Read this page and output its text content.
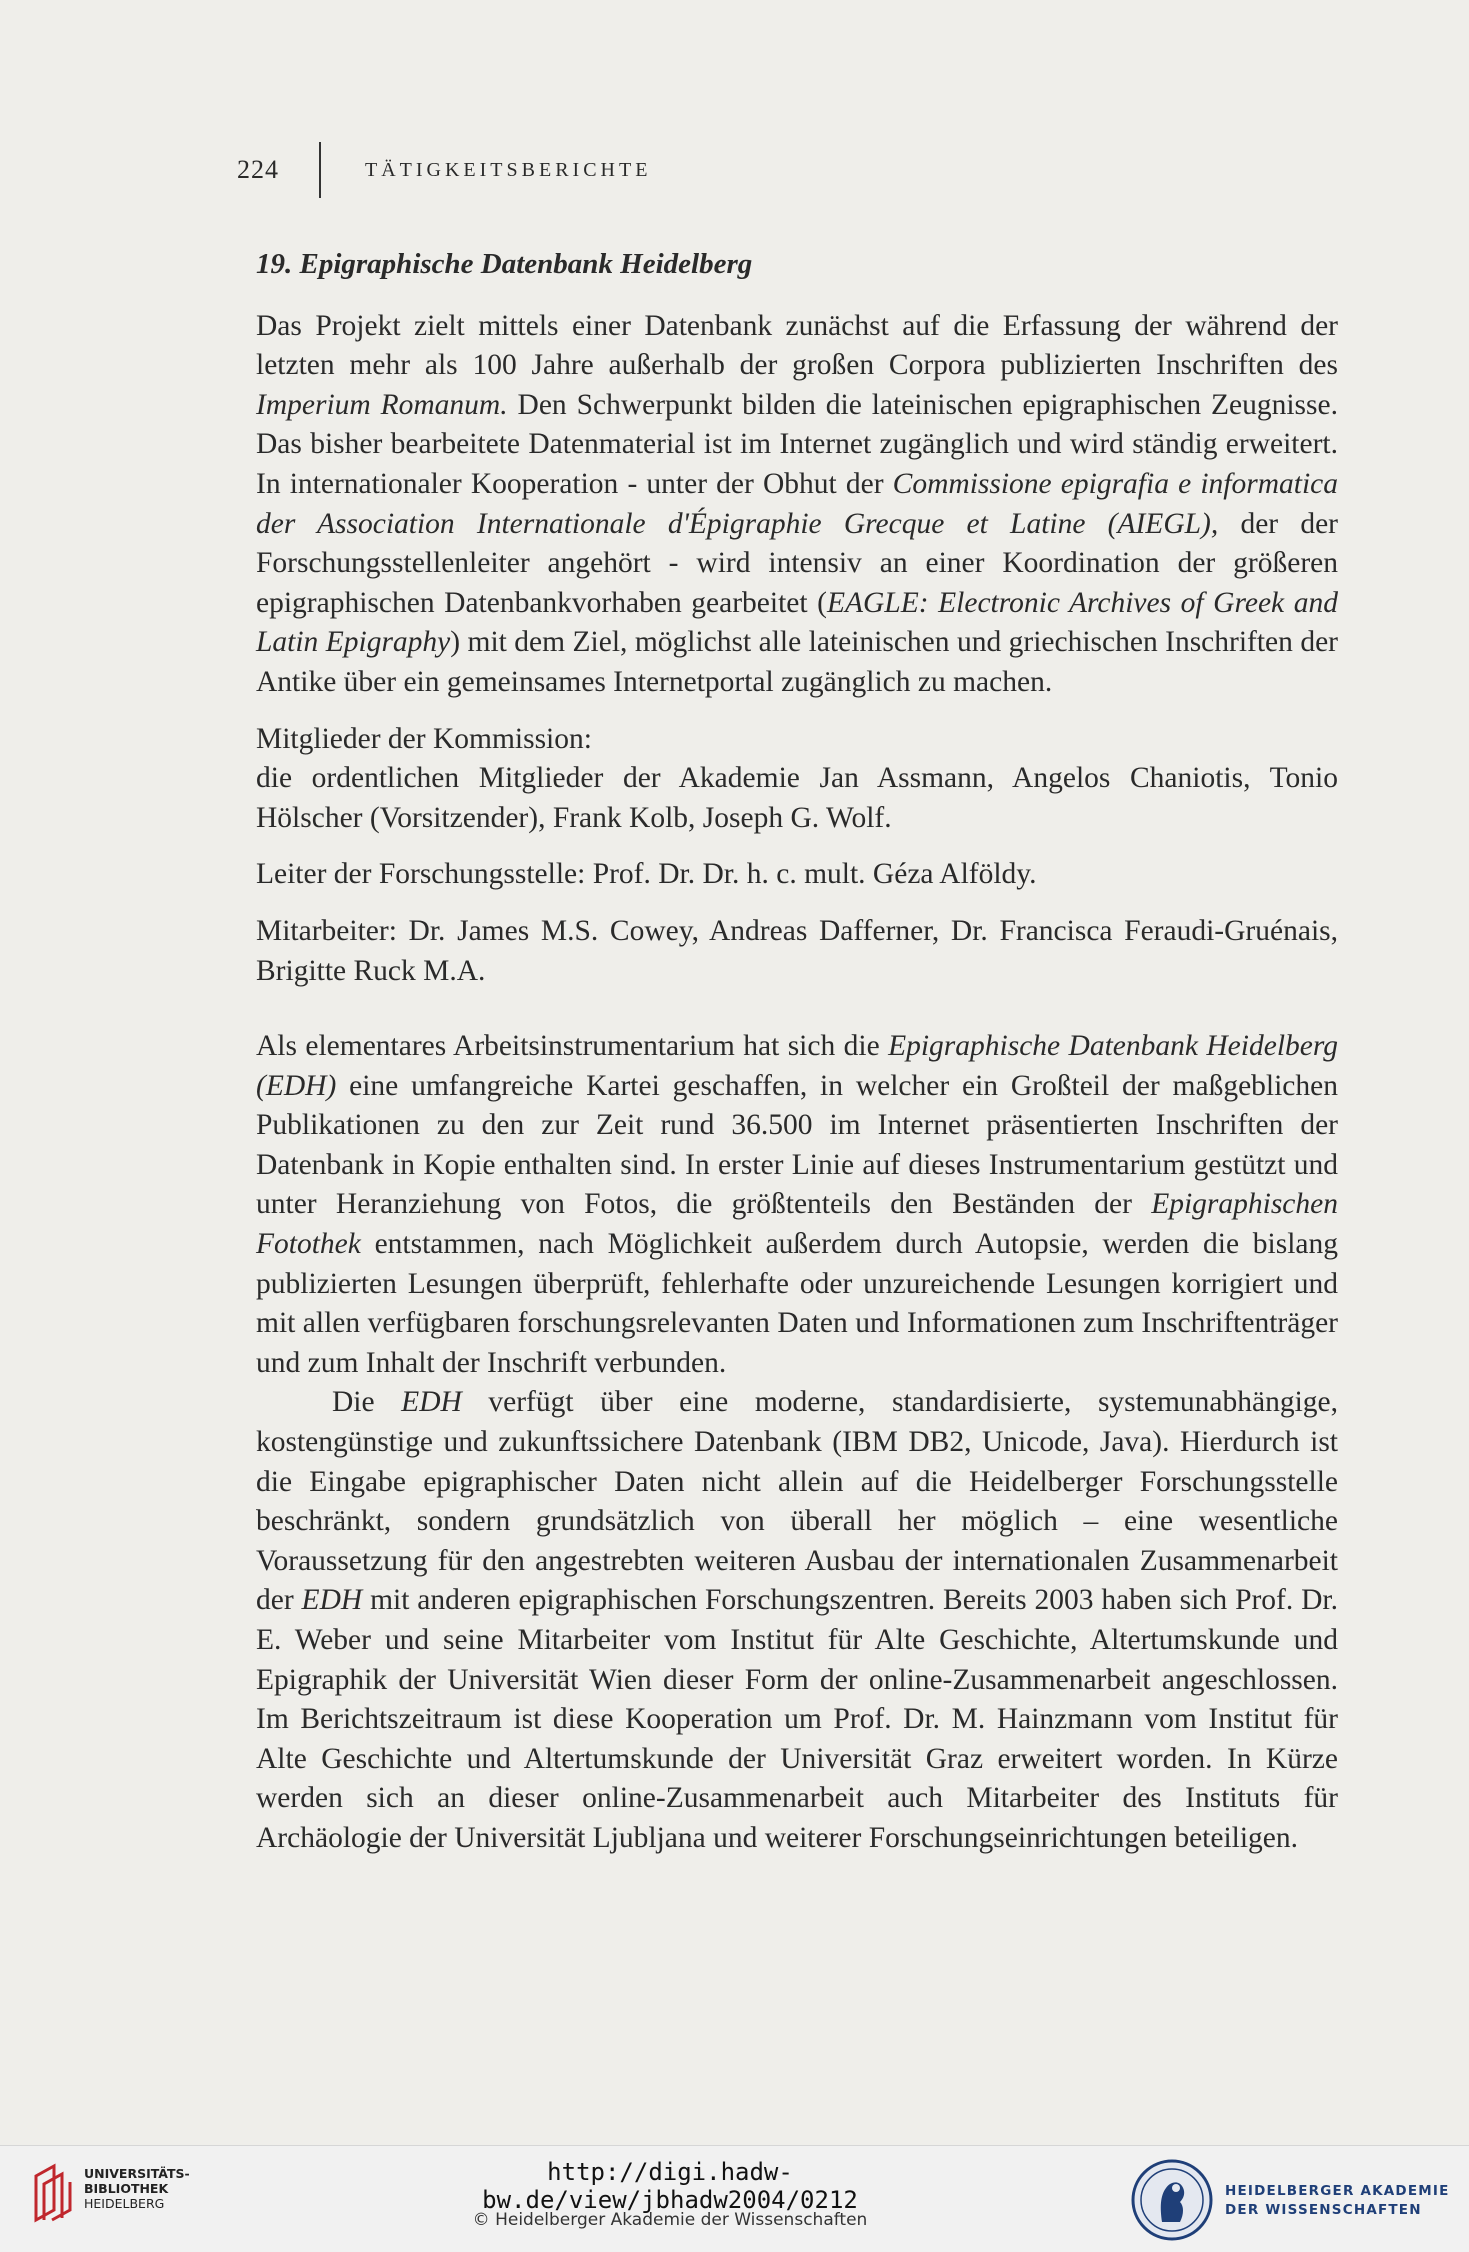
224	TÄTIGKEITSBERICHTE
19. Epigraphische Datenbank Heidelberg

Das Projekt zielt mittels einer Datenbank zunächst auf die Erfassung der während der letzten mehr als 100 Jahre außerhalb der großen Corpora publizierten Inschriften des Imperium Romanum. Den Schwerpunkt bilden die lateinischen epigraphischen Zeugnisse. Das bisher bearbeitete Datenmaterial ist im Internet zugänglich und wird ständig erweitert. In internationaler Kooperation - unter der Obhut der Commissione epigrafia e informatica der Association Internationale d'Épigraphie Grecque et Latine (AIEGL), der der Forschungsstellenleiter angehört - wird intensiv an einer Koordination der größeren epigraphischen Datenbankvorhaben gearbeitet (EAGLE: Electronic Archives of Greek and Latin Epigraphy) mit dem Ziel, möglichst alle lateinischen und griechischen Inschriften der Antike über ein gemeinsames Internetportal zugänglich zu machen.

Mitglieder der Kommission:

die ordentlichen Mitglieder der Akademie Jan Assmann, Angelos Chaniotis, Tonio Hölscher (Vorsitzender), Frank Kolb, Joseph G. Wolf.

Leiter der Forschungsstelle: Prof. Dr. Dr. h. c. mult. Géza Alföldy.

Mitarbeiter: Dr. James M.S. Cowey, Andreas Dafferner, Dr. Francisca Feraudi-Gruénais, Brigitte Ruck M.A.

Als elementares Arbeitsinstrumentarium hat sich die Epigraphische Datenbank Heidelberg (EDH) eine umfangreiche Kartei geschaffen, in welcher ein Großteil der maßgeblichen Publikationen zu den zur Zeit rund 36.500 im Internet präsentierten Inschriften der Datenbank in Kopie enthalten sind. In erster Linie auf dieses Instrumentarium gestützt und unter Heranziehung von Fotos, die größtenteils den Beständen der Epigraphischen Fotothek entstammen, nach Möglichkeit außerdem durch Autopsie, werden die bislang publizierten Lesungen überprüft, fehlerhafte oder unzureichende Lesungen korrigiert und mit allen verfügbaren forschungsrelevanten Daten und Informationen zum Inschriftenträger und zum Inhalt der Inschrift verbunden.

Die EDH verfügt über eine moderne, standardisierte, systemunabhängige, kostengünstige und zukunftssichere Datenbank (IBM DB2, Unicode, Java). Hierdurch ist die Eingabe epigraphischer Daten nicht allein auf die Heidelberger Forschungsstelle beschränkt, sondern grundsätzlich von überall her möglich – eine wesentliche Voraussetzung für den angestrebten weiteren Ausbau der internationalen Zusammenarbeit der EDH mit anderen epigraphischen Forschungszentren. Bereits 2003 haben sich Prof. Dr. E. Weber und seine Mitarbeiter vom Institut für Alte Geschichte, Altertumskunde und Epigraphik der Universität Wien dieser Form der online-Zusammenarbeit angeschlossen. Im Berichtszeitraum ist diese Kooperation um Prof. Dr. M. Hainzmann vom Institut für Alte Geschichte und Altertumskunde der Universität Graz erweitert worden. In Kürze werden sich an dieser online-Zusammenarbeit auch Mitarbeiter des Instituts für Archäologie der Universität Ljubljana und weiterer Forschungseinrichtungen beteiligen.

UNIVERSITÄTS-
BIBLIOTHEK
HEIDELBERG
http://digi.hadw-bw.de/view/jbhadw2004/0212
© Heidelberger Akademie der Wissenschaften
HEIDELBERGER AKADEMIE
DER WISSENSCHAFTEN
